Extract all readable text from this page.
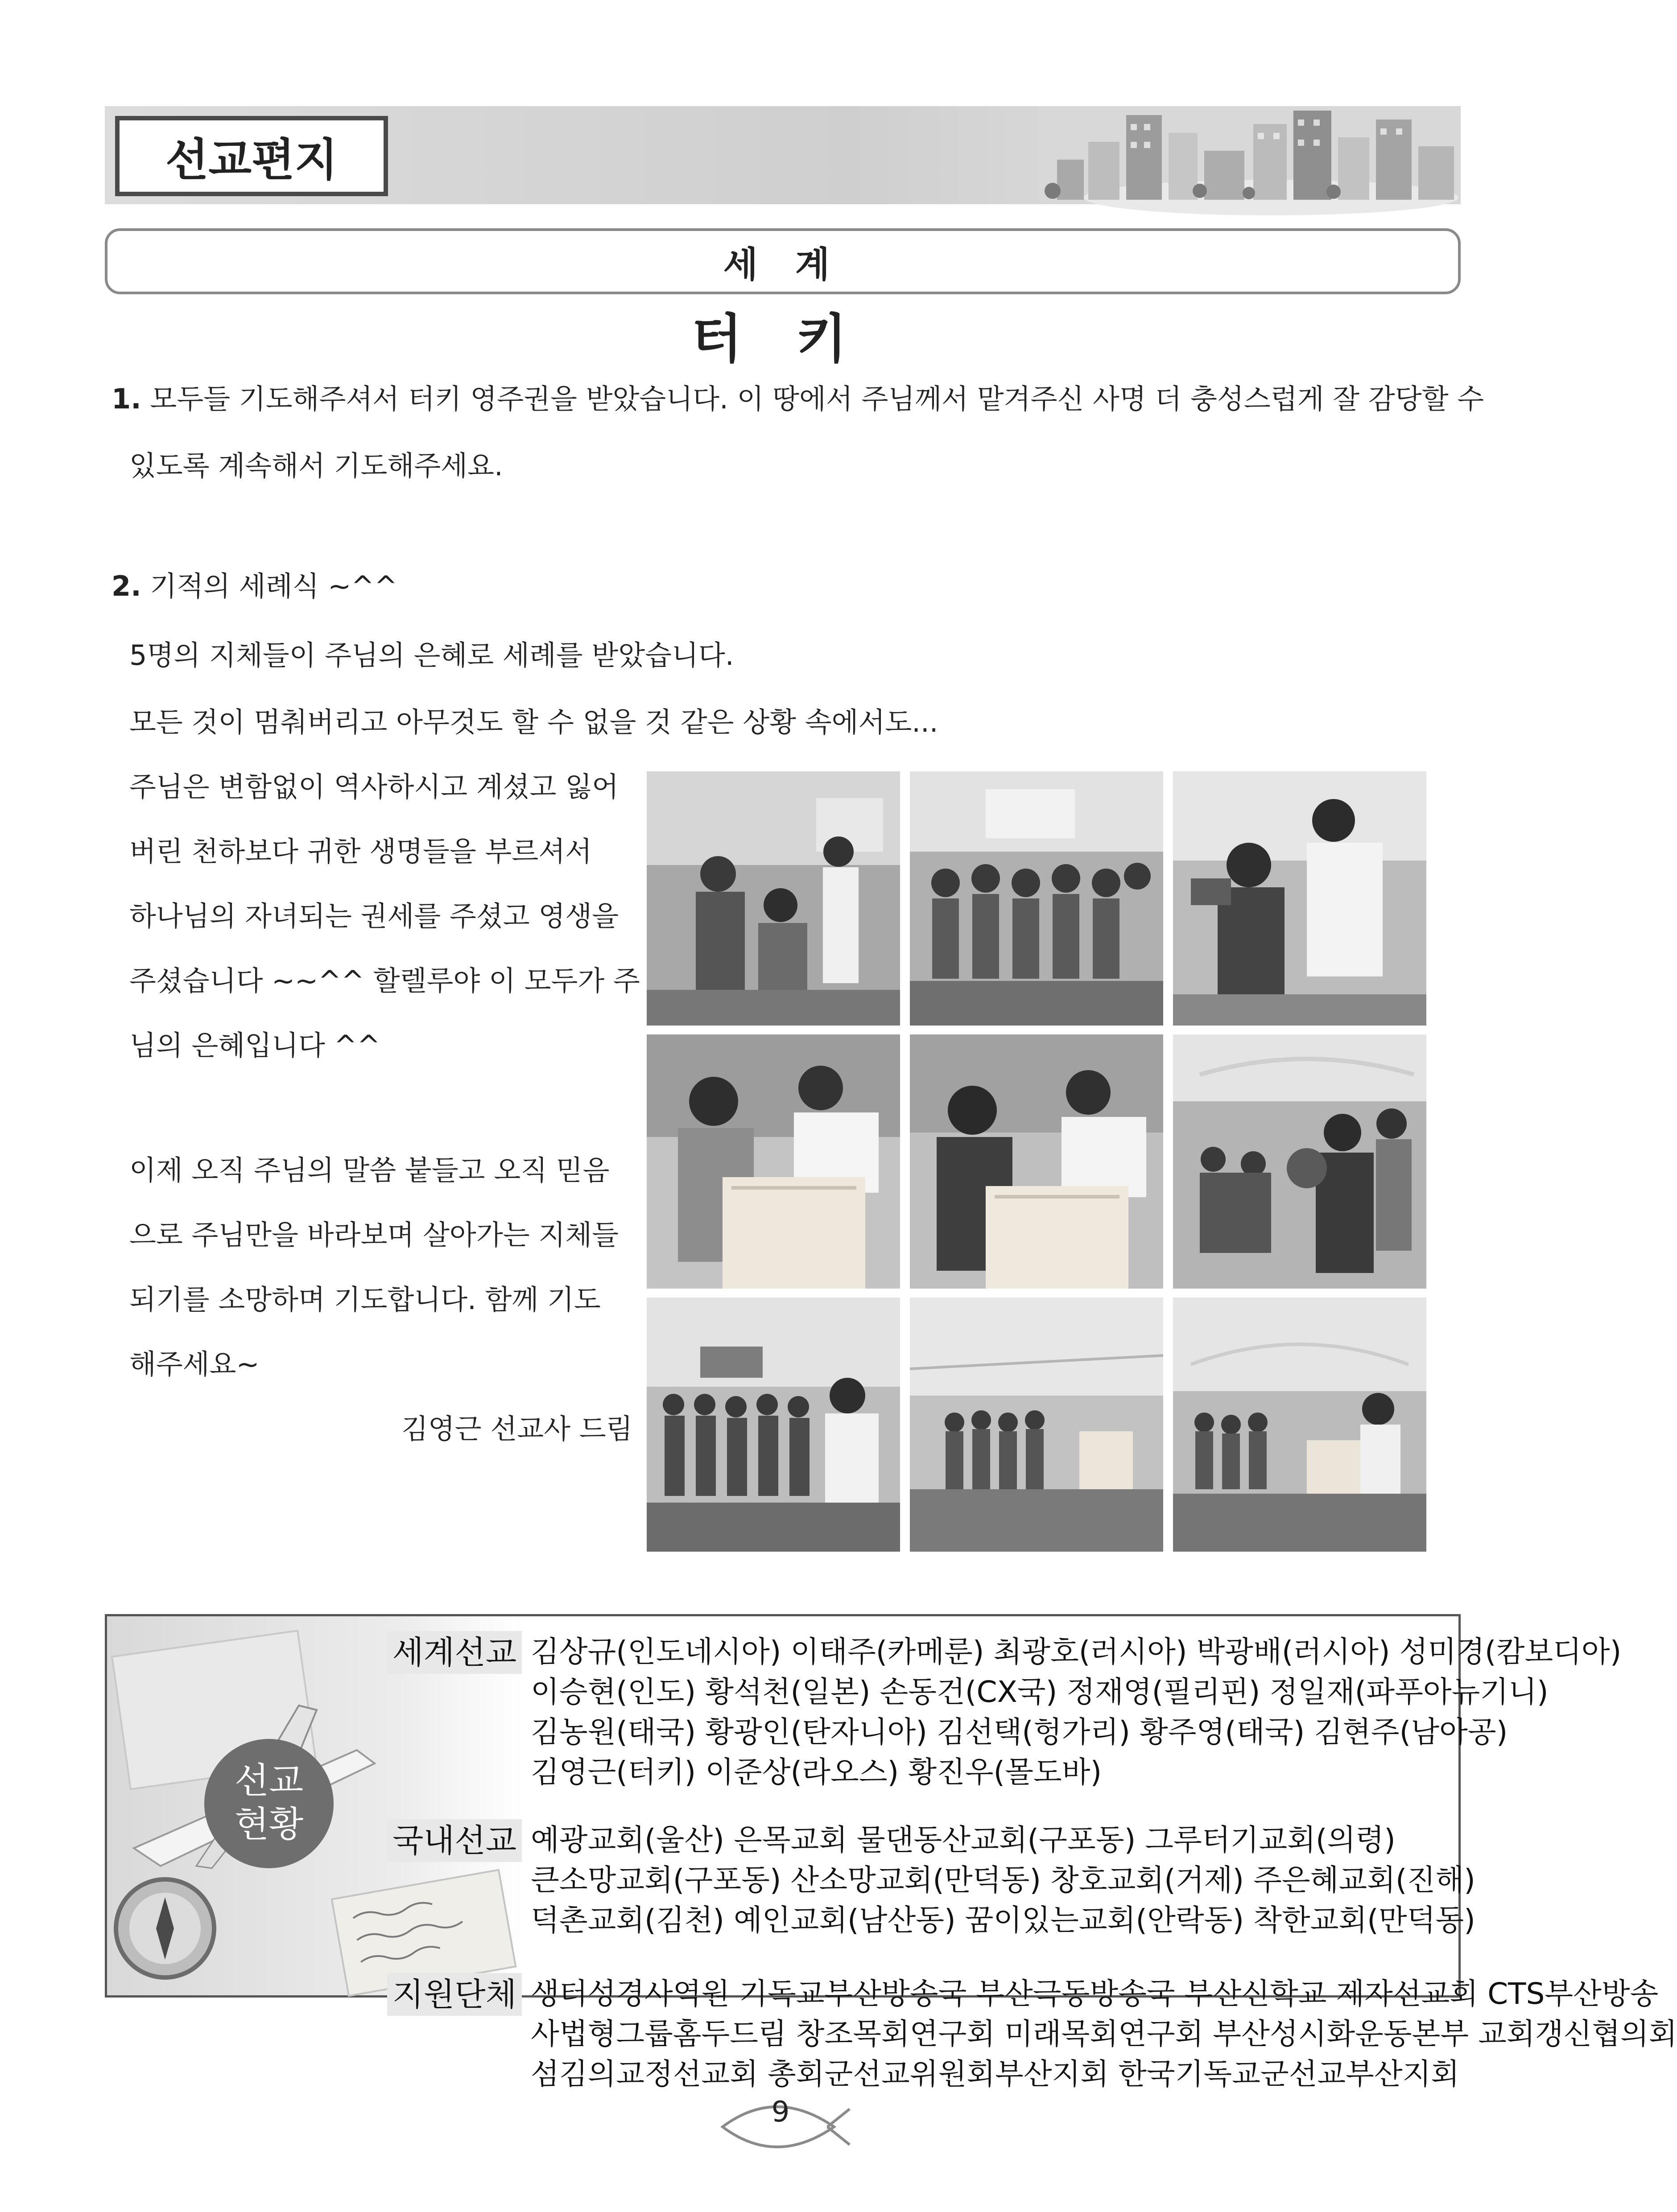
선교편지
세 계
터 키
1. 모두들 기도해주셔서 터키 영주권을 받았습니다. 이 땅에서 주님께서 맡겨주신 사명 더 충성스럽게 잘 감당할 수
있도록 계속해서 기도해주세요.
2. 기적의 세례식 ~^^
5명의 지체들이 주님의 은혜로 세례를 받았습니다.
모든 것이 멈춰버리고 아무것도 할 수 없을 것 같은 상황 속에서도...
주님은 변함없이 역사하시고 계셨고 잃어
버린 천하보다 귀한 생명들을 부르셔서
하나님의 자녀되는 권세를 주셨고 영생을
주셨습니다 ~~^^ 할렐루야 이 모두가 주
님의 은혜입니다 ^^
이제 오직 주님의 말씀 붙들고 오직 믿음
으로 주님만을 바라보며 살아가는 지체들
되기를 소망하며 기도합니다. 함께 기도
해주세요~
김영근 선교사 드림
선교
현황
세계선교
국내선교
지원단체
김상규(인도네시아) 이태주(카메룬) 최광호(러시아) 박광배(러시아) 성미경(캄보디아)
이승현(인도) 황석천(일본) 손동건(CX국) 정재영(필리핀) 정일재(파푸아뉴기니)
김농원(태국) 황광인(탄자니아) 김선택(헝가리) 황주영(태국) 김현주(남아공)
김영근(터키) 이준상(라오스) 황진우(몰도바)
예광교회(울산) 은목교회 물댄동산교회(구포동) 그루터기교회(의령)
큰소망교회(구포동) 산소망교회(만덕동) 창호교회(거제) 주은혜교회(진해)
덕촌교회(김천) 예인교회(남산동) 꿈이있는교회(안락동) 착한교회(만덕동)
생터성경사역원 기독교부산방송국 부산극동방송국 부산신학교 제자선교회 CTS부산방송
사법형그룹홈두드림 창조목회연구회 미래목회연구회 부산성시화운동본부 교회갱신협의회
섬김의교정선교회 총회군선교위원회부산지회 한국기독교군선교부산지회
9
